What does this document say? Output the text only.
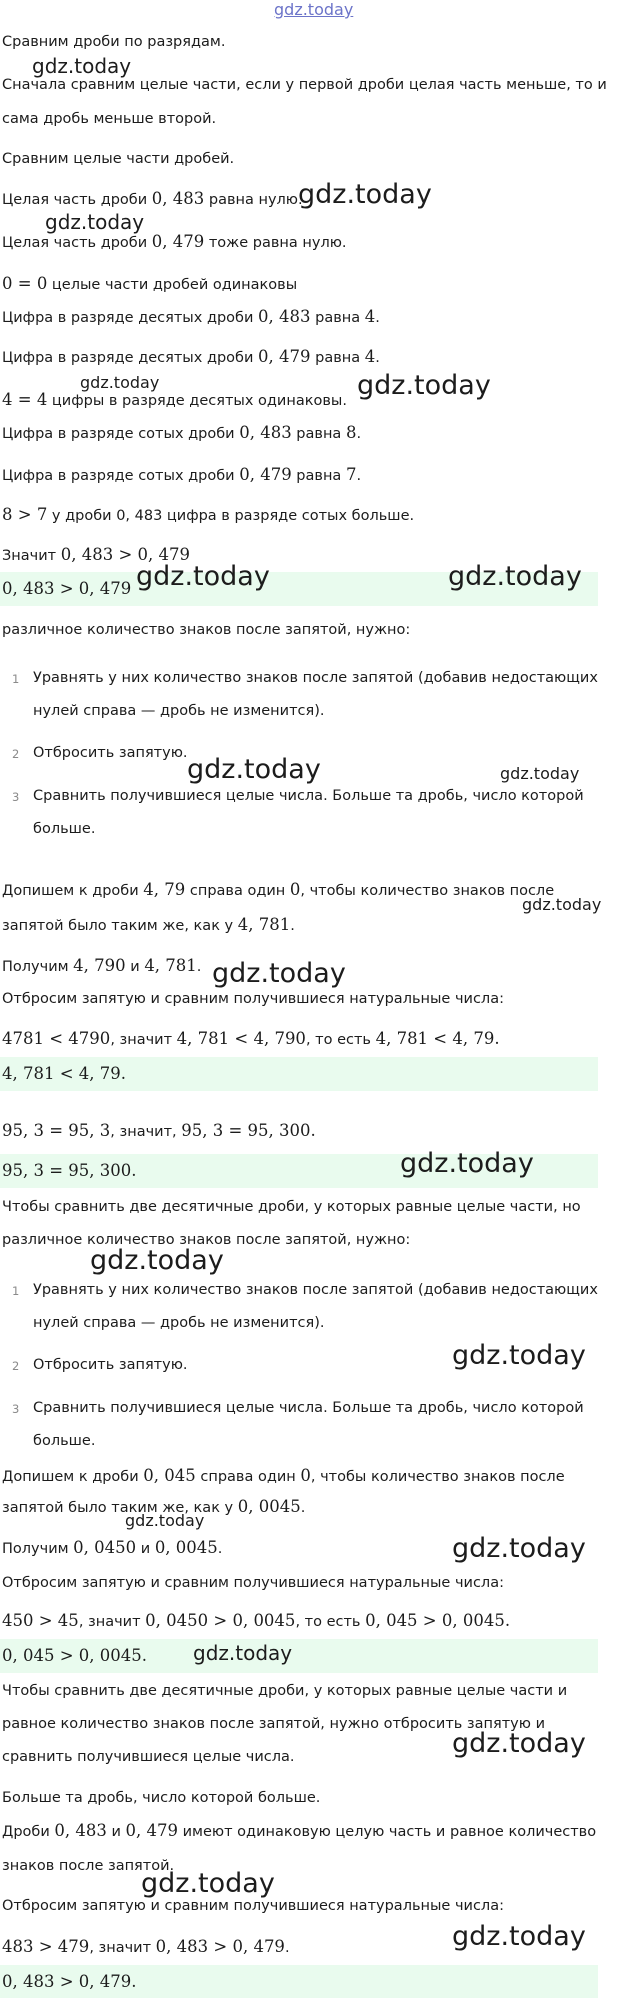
gdz.today
Сравним дроби по разрядам.
Сначала сравним целые части, если у первой дроби целая часть меньше, то и
сама дробь меньше второй.
Сравним целые части дробей.
Целая часть дроби 0, 483 равна нулю.
Целая часть дроби 0, 479 тоже равна нулю.
0 = 0 целые части дробей одинаковы
Цифра в разряде десятых дроби 0, 483 равна 4.
Цифра в разряде десятых дроби 0, 479 равна 4.
4 = 4 цифры в разряде десятых одинаковы.
Цифра в разряде сотых дроби 0, 483 равна 8.
Цифра в разряде сотых дроби 0, 479 равна 7.
8 > 7 у дроби 0, 483 цифра в разряде сотых больше.
Значит 0, 483 > 0, 479
0, 483 > 0, 479
различное количество знаков после запятой, нужно:
1 Уравнять у них количество знаков после запятой (добавив недостающих
нулей справа — дробь не изменится).
2 Отбросить запятую.
3 Сравнить получившиеся целые числа. Больше та дробь, число которой
больше.
Допишем к дроби 4, 79 справа один 0, чтобы количество знаков после
запятой было таким же, как у 4, 781.
Получим 4, 790 и 4, 781.
Отбросим запятую и сравним получившиеся натуральные числа:
4781 < 4790, значит 4, 781 < 4, 790, то есть 4, 781 < 4, 79.
4, 781 < 4, 79.
95, 3 = 95, 3, значит, 95, 3 = 95, 300.
95, 3 = 95, 300.
Чтобы сравнить две десятичные дроби, у которых равные целые части, но
различное количество знаков после запятой, нужно:
1 Уравнять у них количество знаков после запятой (добавив недостающих
нулей справа — дробь не изменится).
2 Отбросить запятую.
3 Сравнить получившиеся целые числа. Больше та дробь, число которой
больше.
Допишем к дроби 0, 045 справа один 0, чтобы количество знаков после
запятой было таким же, как у 0, 0045.
Получим 0, 0450 и 0, 0045.
Отбросим запятую и сравним получившиеся натуральные числа:
450 > 45, значит 0, 0450 > 0, 0045, то есть 0, 045 > 0, 0045.
0, 045 > 0, 0045.
Чтобы сравнить две десятичные дроби, у которых равные целые части и
равное количество знаков после запятой, нужно отбросить запятую и
сравнить получившиеся целые числа.
Больше та дробь, число которой больше.
Дроби 0, 483 и 0, 479 имеют одинаковую целую часть и равное количество
знаков после запятой.
Отбросим запятую и сравним получившиеся натуральные числа:
483 > 479, значит 0, 483 > 0, 479.
0, 483 > 0, 479.
gdz.today
gdz.today
gdz.today
gdz.today	gdz.today
gdz.today	gdz.today
gdz.today	gdz.today
gdz.today
gdz.today
gdz.today
gdz.today
gdz.today
gdz.today
gdz.today
gdz.today
gdz.today
gdz.today
gdz.today
